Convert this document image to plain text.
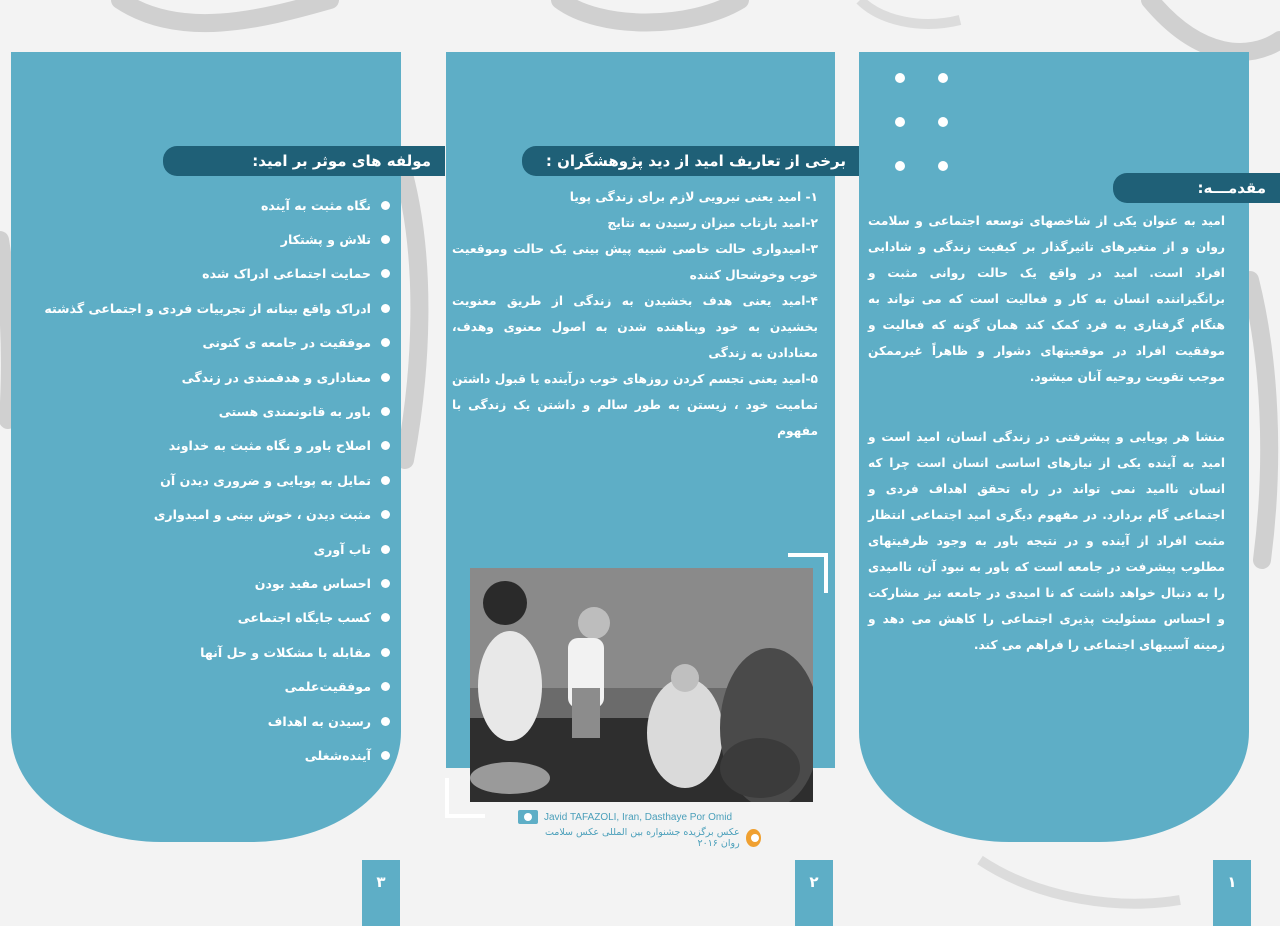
مولفه های موثر بر امید:
نگاه مثبت به آینده
تلاش و پشتکار
حمایت اجتماعی ادراک شده
ادراک واقع بینانه از تجربیات فردی و اجتماعی گذشته
موفقیت در جامعه ی کنونی
معناداری و هدفمندی در زندگی
باور به قانونمندی هستی
اصلاح باور و نگاه مثبت به خداوند
تمایل به پویایی و ضروری دیدن آن
مثبت دیدن ، خوش بینی و امیدواری
تاب آوری
احساس مفید بودن
کسب جایگاه اجتماعی
مقابله با مشکلات و حل آنها
موفقیت‌علمی
رسیدن به اهداف
آینده‌شغلی
۳
برخی از تعاریف امید از دید پژوهشگران :

۱- امید یعنی نیرویی لازم برای زندگی پویا

۲-امید بازتاب میزان رسیدن به نتایج

۳-امیدواری حالت خاصی شبیه پیش بینی یک حالت وموقعیت خوب وخوشحال کننده

۴-امید یعنی هدف بخشیدن به زندگی از طریق معنویت بخشیدن به خود وپناهنده شدن به اصول معنوی وهدف، معنادادن به زندگی

۵-امید یعنی تجسم کردن روزهای خوب درآینده یا قبول داشتن تمامیت خود ، زیستن به طور سالم و داشتن یک زندگی با مفهوم

Javid TAFAZOLI, Iran, Dasthaye Por Omid
عکس برگزیده جشنواره بین المللی عکس سلامت روان ۲۰۱۶
۲
مقدمـــه:

امید به عنوان یکی از شاخصهای توسعه اجتماعی و سلامت روان و از متغیرهای تاثیرگذار بر کیفیت زندگی و شادابی افراد است. امید در واقع یک حالت روانی مثبت و برانگیزاننده انسان به کار و فعالیت است که می تواند به هنگام گرفتاری به فرد کمک کند همان گونه که فعالیت و موفقیت افراد در موقعیتهای دشوار و ظاهراً غیرممکن موجب تقویت روحیه آنان میشود.

منشا هر پویایی و پیشرفتی در زندگی انسان، امید است و امید به آینده یکی از نیازهای اساسی انسان است چرا که انسان ناامید نمی تواند در راه تحقق اهداف فردی و اجتماعی گام بردارد. در مفهوم دیگری امید اجتماعی انتظار مثبت افراد از آینده و در نتیجه باور به وجود ظرفیتهای مطلوب پیشرفت در جامعه است که باور به نبود آن، ناامیدی را به دنبال خواهد داشت که نا امیدی در جامعه نیز مشارکت و احساس مسئولیت پذیری اجتماعی را کاهش می دهد و زمینه آسیبهای اجتماعی را فراهم می کند.

۱
